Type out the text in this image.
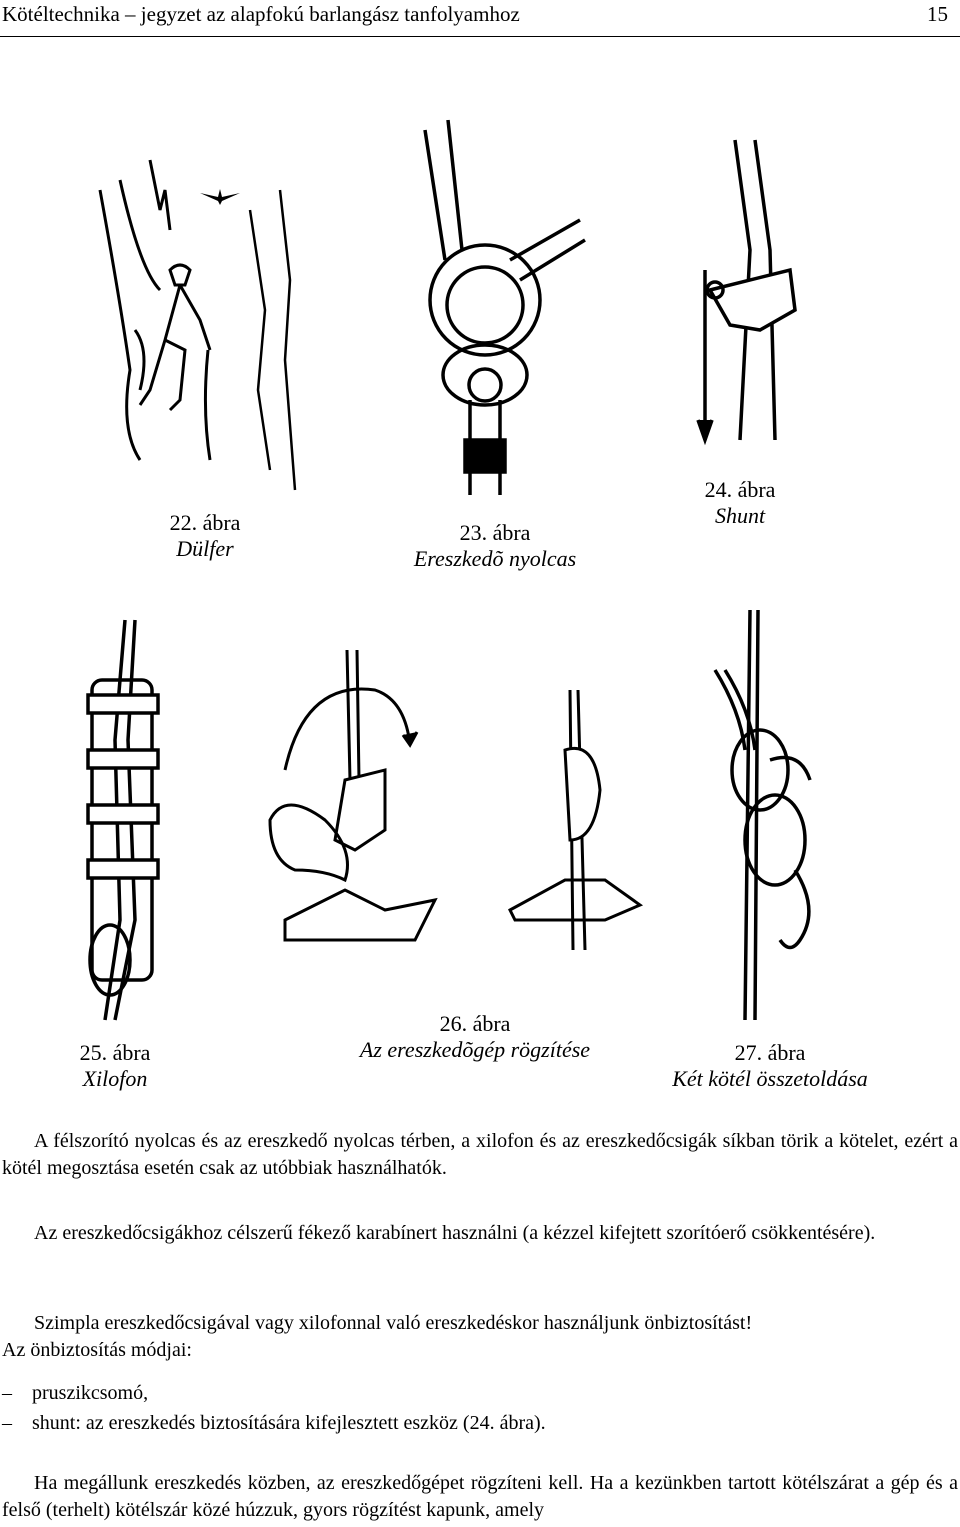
Kötéltechnika – jegyzet az alapfokú barlangász tanfolyamhoz	15
22. ábra
Dülfer
23. ábra
Ereszkedõ nyolcas
24. ábra
Shunt
25. ábra
Xilofon
26. ábra
Az ereszkedõgép rögzítése	27. ábra
Két kötél összetoldása
A félszorító nyolcas és az ereszkedő nyolcas térben, a xilofon és az ereszkedőcsigák síkban törik a kötelet, ezért a kötél megosztása esetén csak az utóbbiak használhatók.
Az ereszkedőcsigákhoz célszerű fékező karabínert használni (a kézzel kifejtett szorítóerő csökkentésére).
Szimpla ereszkedőcsigával vagy xilofonnal való ereszkedéskor használjunk önbiztosítást!
Az önbiztosítás módjai:
– pruszikcsomó,
– shunt: az ereszkedés biztosítására kifejlesztett eszköz (24. ábra).
Ha megállunk ereszkedés közben, az ereszkedőgépet rögzíteni kell. Ha a kezünkben tartott kötélszárat a gép és a felső (terhelt) kötélszár közé húzzuk, gyors rögzítést kapunk, amely
